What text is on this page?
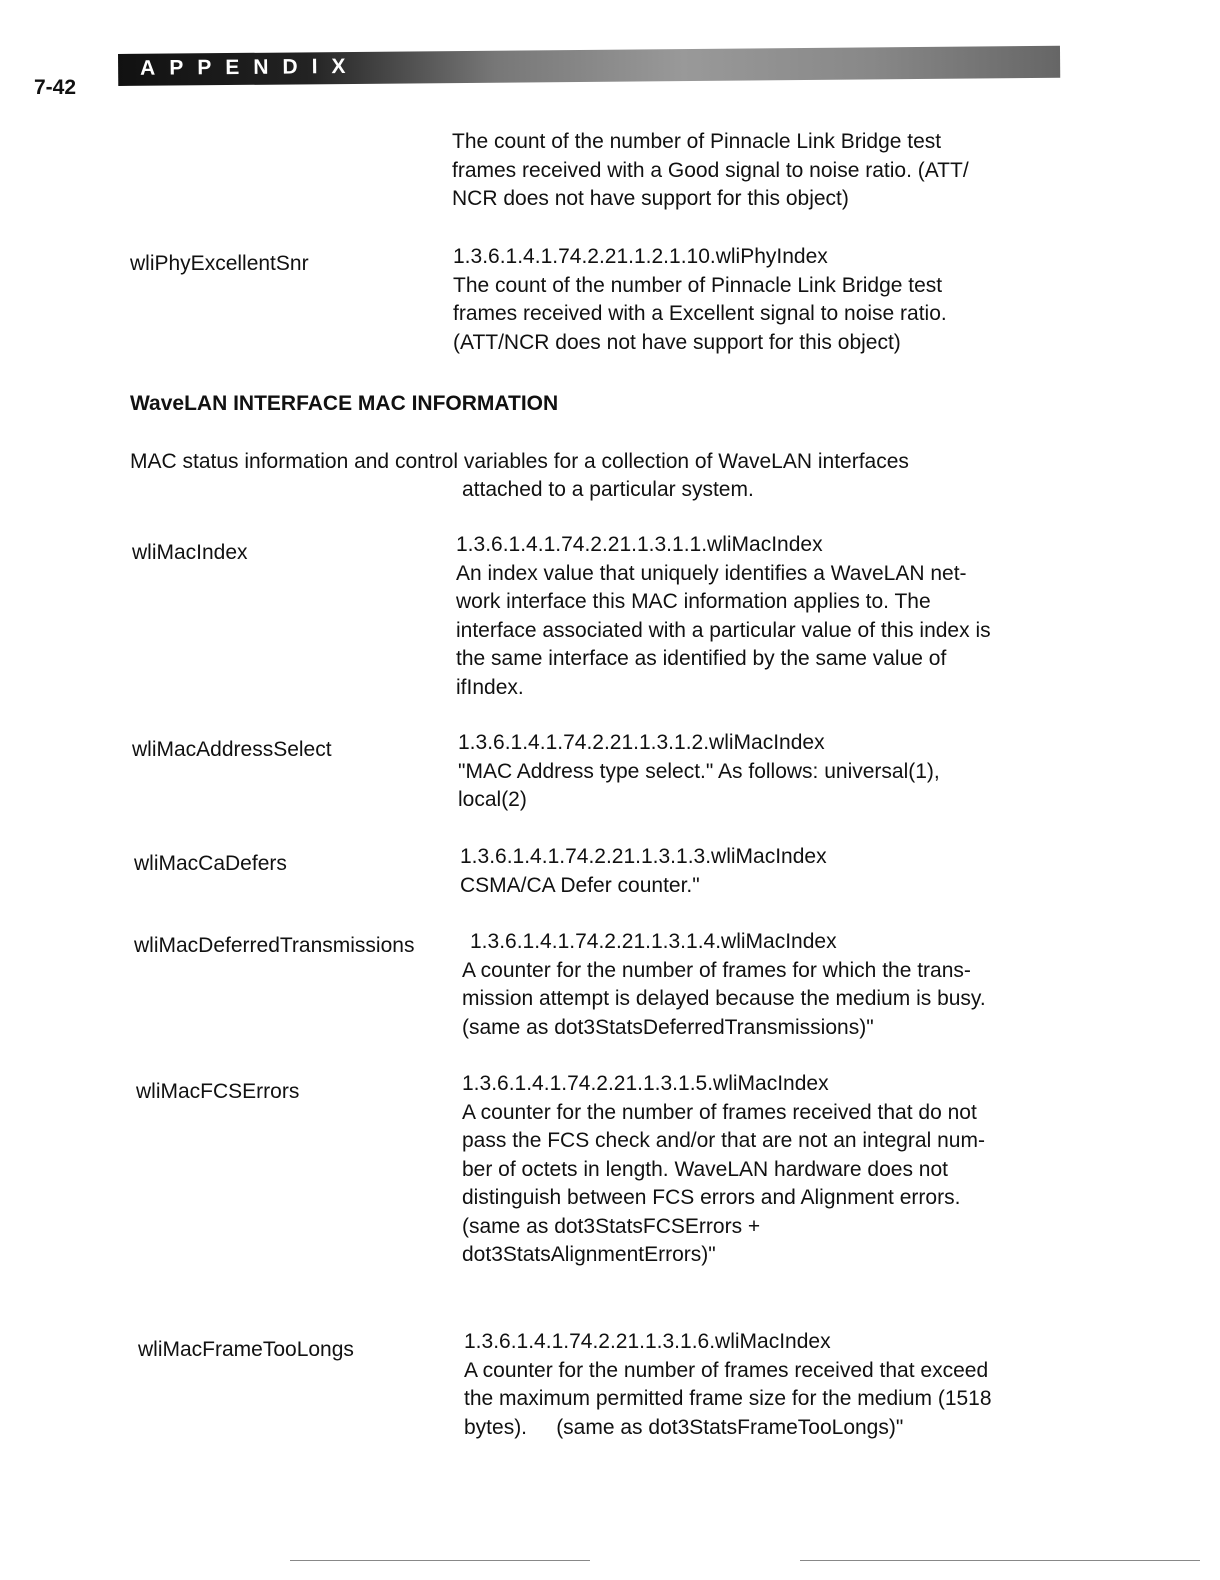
7-42
APPENDIX
The count of the number of Pinnacle Link Bridge test
frames received with a Good signal to noise ratio. (ATT/
NCR does not have support for this object)
wliPhyExcellentSnr	1.3.6.1.4.1.74.2.21.1.2.1.10.wliPhyIndex
The count of the number of Pinnacle Link Bridge test
frames received with a Excellent signal to noise ratio.
(ATT/NCR does not have support for this object)
WaveLAN INTERFACE MAC INFORMATION
MAC status information and control variables for a collection of WaveLAN interfaces
attached to a particular system.
wliMacIndex	1.3.6.1.4.1.74.2.21.1.3.1.1.wliMacIndex
An index value that uniquely identifies a WaveLAN net-
work interface this MAC information applies to. The
interface associated with a particular value of this index is
the same interface as identified by the same value of
ifIndex.
wliMacAddressSelect	1.3.6.1.4.1.74.2.21.1.3.1.2.wliMacIndex
"MAC Address type select." As follows: universal(1),
local(2)
wliMacCaDefers	1.3.6.1.4.1.74.2.21.1.3.1.3.wliMacIndex
CSMA/CA Defer counter."
wliMacDeferredTransmissions	1.3.6.1.4.1.74.2.21.1.3.1.4.wliMacIndex
A counter for the number of frames for which the trans-
mission attempt is delayed because the medium is busy.
(same as dot3StatsDeferredTransmissions)"
wliMacFCSErrors	1.3.6.1.4.1.74.2.21.1.3.1.5.wliMacIndex
A counter for the number of frames received that do not
pass the FCS check and/or that are not an integral num-
ber of octets in length. WaveLAN hardware does not
distinguish between FCS errors and Alignment errors.
(same as dot3StatsFCSErrors +
dot3StatsAlignmentErrors)"
wliMacFrameTooLongs	1.3.6.1.4.1.74.2.21.1.3.1.6.wliMacIndex
A counter for the number of frames received that exceed
the maximum permitted frame size for the medium (1518
bytes).     (same as dot3StatsFrameTooLongs)"
